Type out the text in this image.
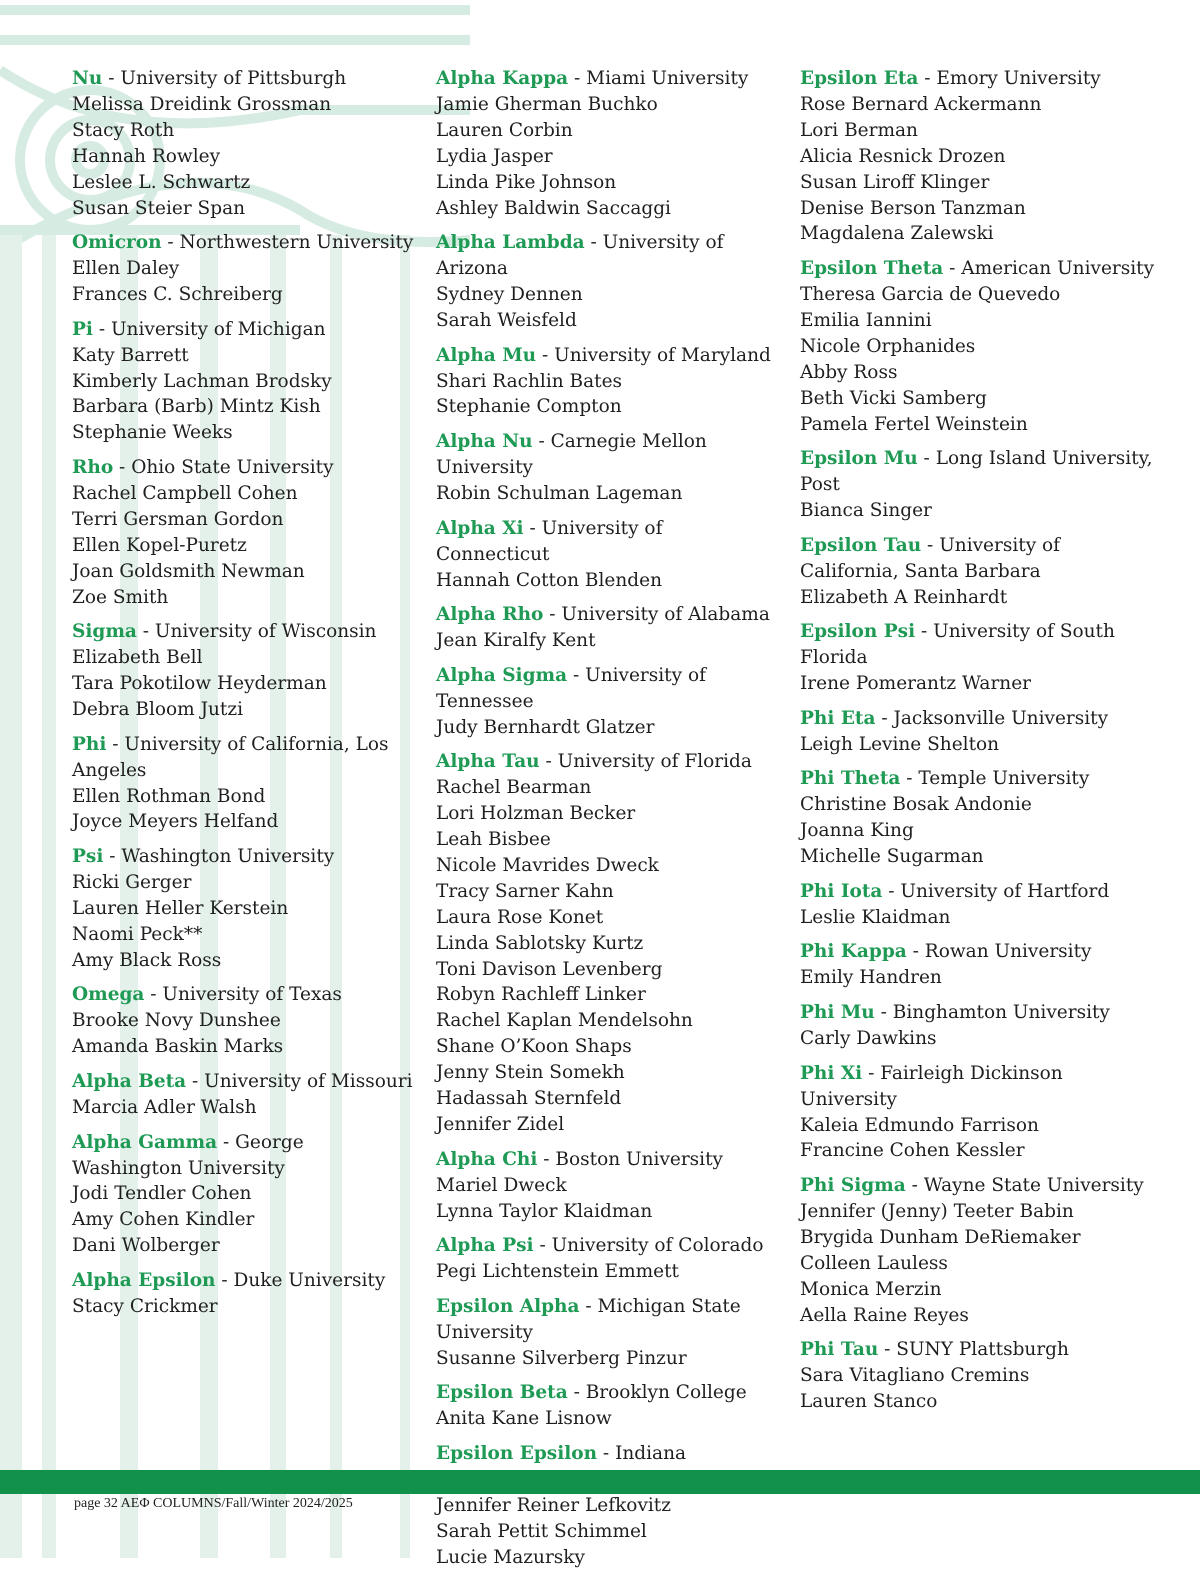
Nu - University of Pittsburgh
Melissa Dreidink Grossman
Stacy Roth
Hannah Rowley
Leslee L. Schwartz
Susan Steier Span
Omicron - Northwestern University
Ellen Daley
Frances C. Schreiberg
Pi - University of Michigan
Katy Barrett
Kimberly Lachman Brodsky
Barbara (Barb) Mintz Kish
Stephanie Weeks
Rho - Ohio State University
Rachel Campbell Cohen
Terri Gersman Gordon
Ellen Kopel-Puretz
Joan Goldsmith Newman
Zoe Smith
Sigma - University of Wisconsin
Elizabeth Bell
Tara Pokotilow Heyderman
Debra Bloom Jutzi
Phi - University of California, Los Angeles
Ellen Rothman Bond
Joyce Meyers Helfand
Psi - Washington University
Ricki Gerger
Lauren Heller Kerstein
Naomi Peck**
Amy Black Ross
Omega - University of Texas
Brooke Novy Dunshee
Amanda Baskin Marks
Alpha Beta - University of Missouri
Marcia Adler Walsh
Alpha Gamma - George Washington University
Jodi Tendler Cohen
Amy Cohen Kindler
Dani Wolberger
Alpha Epsilon - Duke University
Stacy Crickmer
Alpha Kappa - Miami University
Jamie Gherman Buchko
Lauren Corbin
Lydia Jasper
Linda Pike Johnson
Ashley Baldwin Saccaggi
Alpha Lambda - University of Arizona
Sydney Dennen
Sarah Weisfeld
Alpha Mu - University of Maryland
Shari Rachlin Bates
Stephanie Compton
Alpha Nu - Carnegie Mellon University
Robin Schulman Lageman
Alpha Xi - University of Connecticut
Hannah Cotton Blenden
Alpha Rho - University of Alabama
Jean Kiralfy Kent
Alpha Sigma - University of Tennessee
Judy Bernhardt Glatzer
Alpha Tau - University of Florida
Rachel Bearman
Lori Holzman Becker
Leah Bisbee
Nicole Mavrides Dweck
Tracy Sarner Kahn
Laura Rose Konet
Linda Sablotsky Kurtz
Toni Davison Levenberg
Robyn Rachleff Linker
Rachel Kaplan Mendelsohn
Shane O’Koon Shaps
Jenny Stein Somekh
Hadassah Sternfeld
Jennifer Zidel
Alpha Chi - Boston University
Mariel Dweck
Lynna Taylor Klaidman
Alpha Psi - University of Colorado
Pegi Lichtenstein Emmett
Epsilon Alpha - Michigan State University
Susanne Silverberg Pinzur
Epsilon Beta - Brooklyn College
Anita Kane Lisnow
Epsilon Epsilon - Indiana
Jennifer Reiner Lefkovitz
Sarah Pettit Schimmel
Lucie Mazursky
Epsilon Eta - Emory University
Rose Bernard Ackermann
Lori Berman
Alicia Resnick Drozen
Susan Liroff Klinger
Denise Berson Tanzman
Magdalena Zalewski
Epsilon Theta - American University
Theresa Garcia de Quevedo
Emilia Iannini
Nicole Orphanides
Abby Ross
Beth Vicki Samberg
Pamela Fertel Weinstein
Epsilon Mu - Long Island University, Post
Bianca Singer
Epsilon Tau - University of California, Santa Barbara
Elizabeth A Reinhardt
Epsilon Psi - University of South Florida
Irene Pomerantz Warner
Phi Eta - Jacksonville University
Leigh Levine Shelton
Phi Theta - Temple University
Christine Bosak Andonie
Joanna King
Michelle Sugarman
Phi Iota - University of Hartford
Leslie Klaidman
Phi Kappa - Rowan University
Emily Handren
Phi Mu - Binghamton University
Carly Dawkins
Phi Xi - Fairleigh Dickinson University
Kaleia Edmundo Farrison
Francine Cohen Kessler
Phi Sigma - Wayne State University
Jennifer (Jenny) Teeter Babin
Brygida Dunham DeRiemaker
Colleen Lauless
Monica Merzin
Aella Raine Reyes
Phi Tau - SUNY Plattsburgh
Sara Vitagliano Cremins
Lauren Stanco
page 32 AEΦ COLUMNS/Fall/Winter 2024/2025
